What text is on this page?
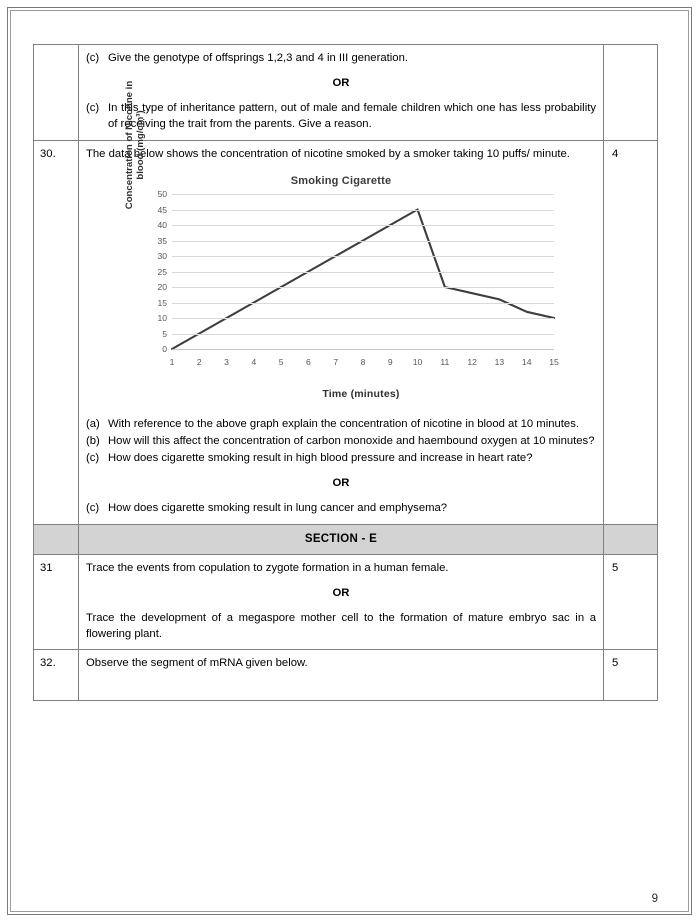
(c) Give the genotype of offsprings 1,2,3 and 4 in III generation.
OR
(c) In this type of inheritance pattern, out of male and female children which one has less probability of receiving the trait from the parents. Give a reason.

30.	The data below shows the concentration of nicotine smoked by a smoker taking 10 puffs/ minute.
Smoking Cigarette
Concentration of Nicotine in blood (mg/cm³)
0
5
10
15
20
25
30
35
40
45
50
1	2	3	4	5	6	7	8	9 10 11 12 13 14 15
Time (minutes)
(a) With reference to the above graph explain the concentration of nicotine in blood at 10 minutes.
(b) How will this affect the concentration of carbon monoxide and haembound oxygen at 10 minutes?
(c) How does cigarette smoking result in high blood pressure and increase in heart rate?
OR
(c) How does cigarette smoking result in lung cancer and emphysema?
	4
	SECTION - E	
31	Trace the events from copulation to zygote formation in a human female.
OR
Trace the development of a megaspore mother cell to the formation of mature embryo sac in a flowering plant.	5
32.	Observe the segment of mRNA given below.	5
9
